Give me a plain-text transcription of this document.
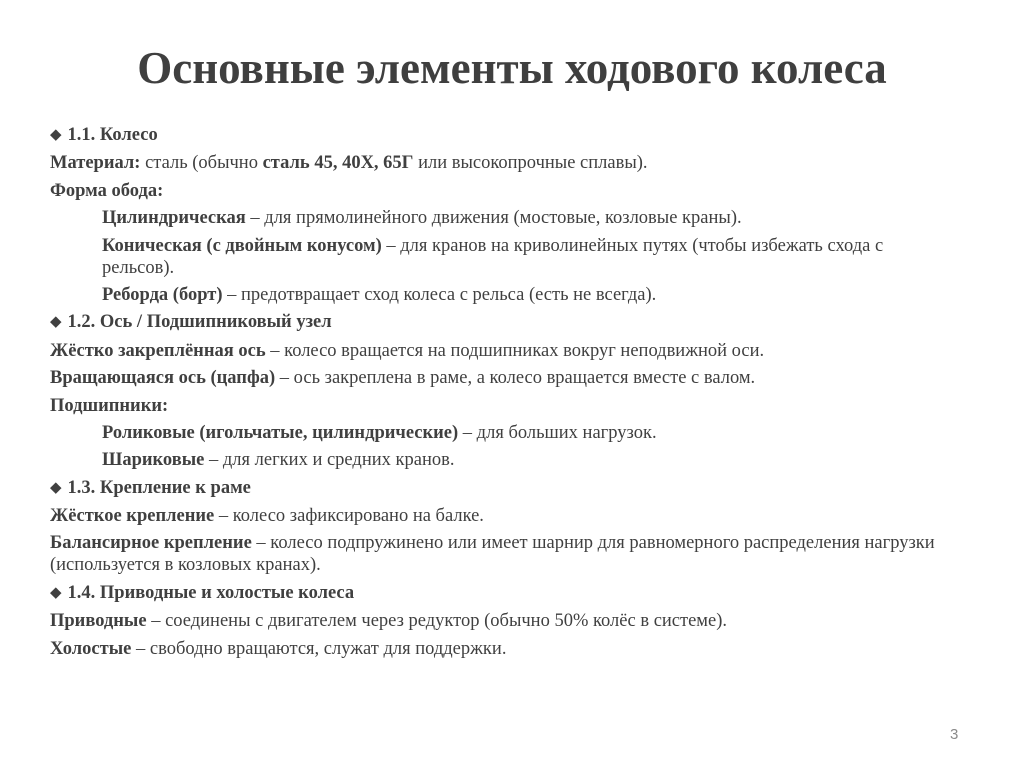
Основные элементы ходового колеса
◆ 1.1. Колесо
Материал: сталь (обычно сталь 45, 40Х, 65Г или высокопрочные сплавы).
Форма обода:
Цилиндрическая – для прямолинейного движения (мостовые, козловые краны).
Коническая (с двойным конусом) – для кранов на криволинейных путях (чтобы избежать схода с рельсов).
Реборда (борт) – предотвращает сход колеса с рельса (есть не всегда).
◆ 1.2. Ось / Подшипниковый узел
Жёстко закреплённая ось – колесо вращается на подшипниках вокруг неподвижной оси.
Вращающаяся ось (цапфа) – ось закреплена в раме, а колесо вращается вместе с валом.
Подшипники:
Роликовые (игольчатые, цилиндрические) – для больших нагрузок.
Шариковые – для легких и средних кранов.
◆ 1.3. Крепление к раме
Жёсткое крепление – колесо зафиксировано на балке.
Балансирное крепление – колесо подпружинено или имеет шарнир для равномерного распределения нагрузки (используется в козловых кранах).
◆ 1.4. Приводные и холостые колеса
Приводные – соединены с двигателем через редуктор (обычно 50% колёс в системе).
Холостые – свободно вращаются, служат для поддержки.
3
